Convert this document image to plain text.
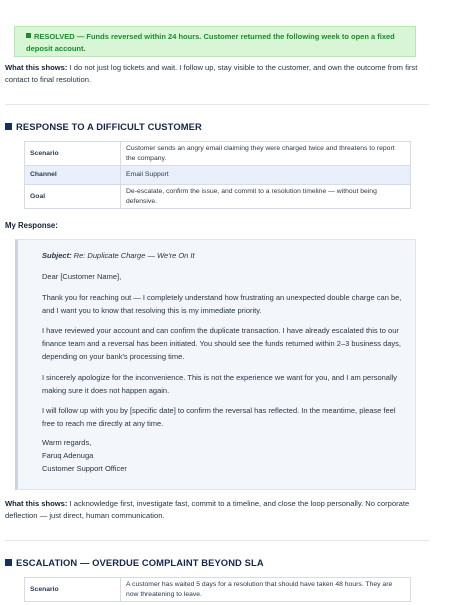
RESOLVED — Funds reversed within 24 hours. Customer returned the following week to open a fixed deposit account.
What this shows: I do not just log tickets and wait. I follow up, stay visible to the customer, and own the outcome from first contact to final resolution.
RESPONSE TO A DIFFICULT CUSTOMER
Scenario	Customer sends an angry email claiming they were charged twice and threatens to report the company.
Channel	Email Support
Goal	De-escalate, confirm the issue, and commit to a resolution timeline — without being defensive.
My Response:
Subject: Re: Duplicate Charge — We're On It
Dear [Customer Name],
Thank you for reaching out — I completely understand how frustrating an unexpected double charge can be, and I want you to know that resolving this is my immediate priority.
I have reviewed your account and can confirm the duplicate transaction. I have already escalated this to our finance team and a reversal has been initiated. You should see the funds returned within 2–3 business days, depending on your bank's processing time.
I sincerely apologize for the inconvenience. This is not the experience we want for you, and I am personally making sure it does not happen again.
I will follow up with you by [specific date] to confirm the reversal has reflected. In the meantime, please feel free to reach me directly at any time.
Warm regards,
Faruq Adenuga
Customer Support Officer
What this shows: I acknowledge first, investigate fast, commit to a timeline, and close the loop personally. No corporate deflection — just direct, human communication.
ESCALATION — OVERDUE COMPLAINT BEYOND SLA
Scenario	A customer has waited 5 days for a resolution that should have taken 48 hours. They are now threatening to leave.
